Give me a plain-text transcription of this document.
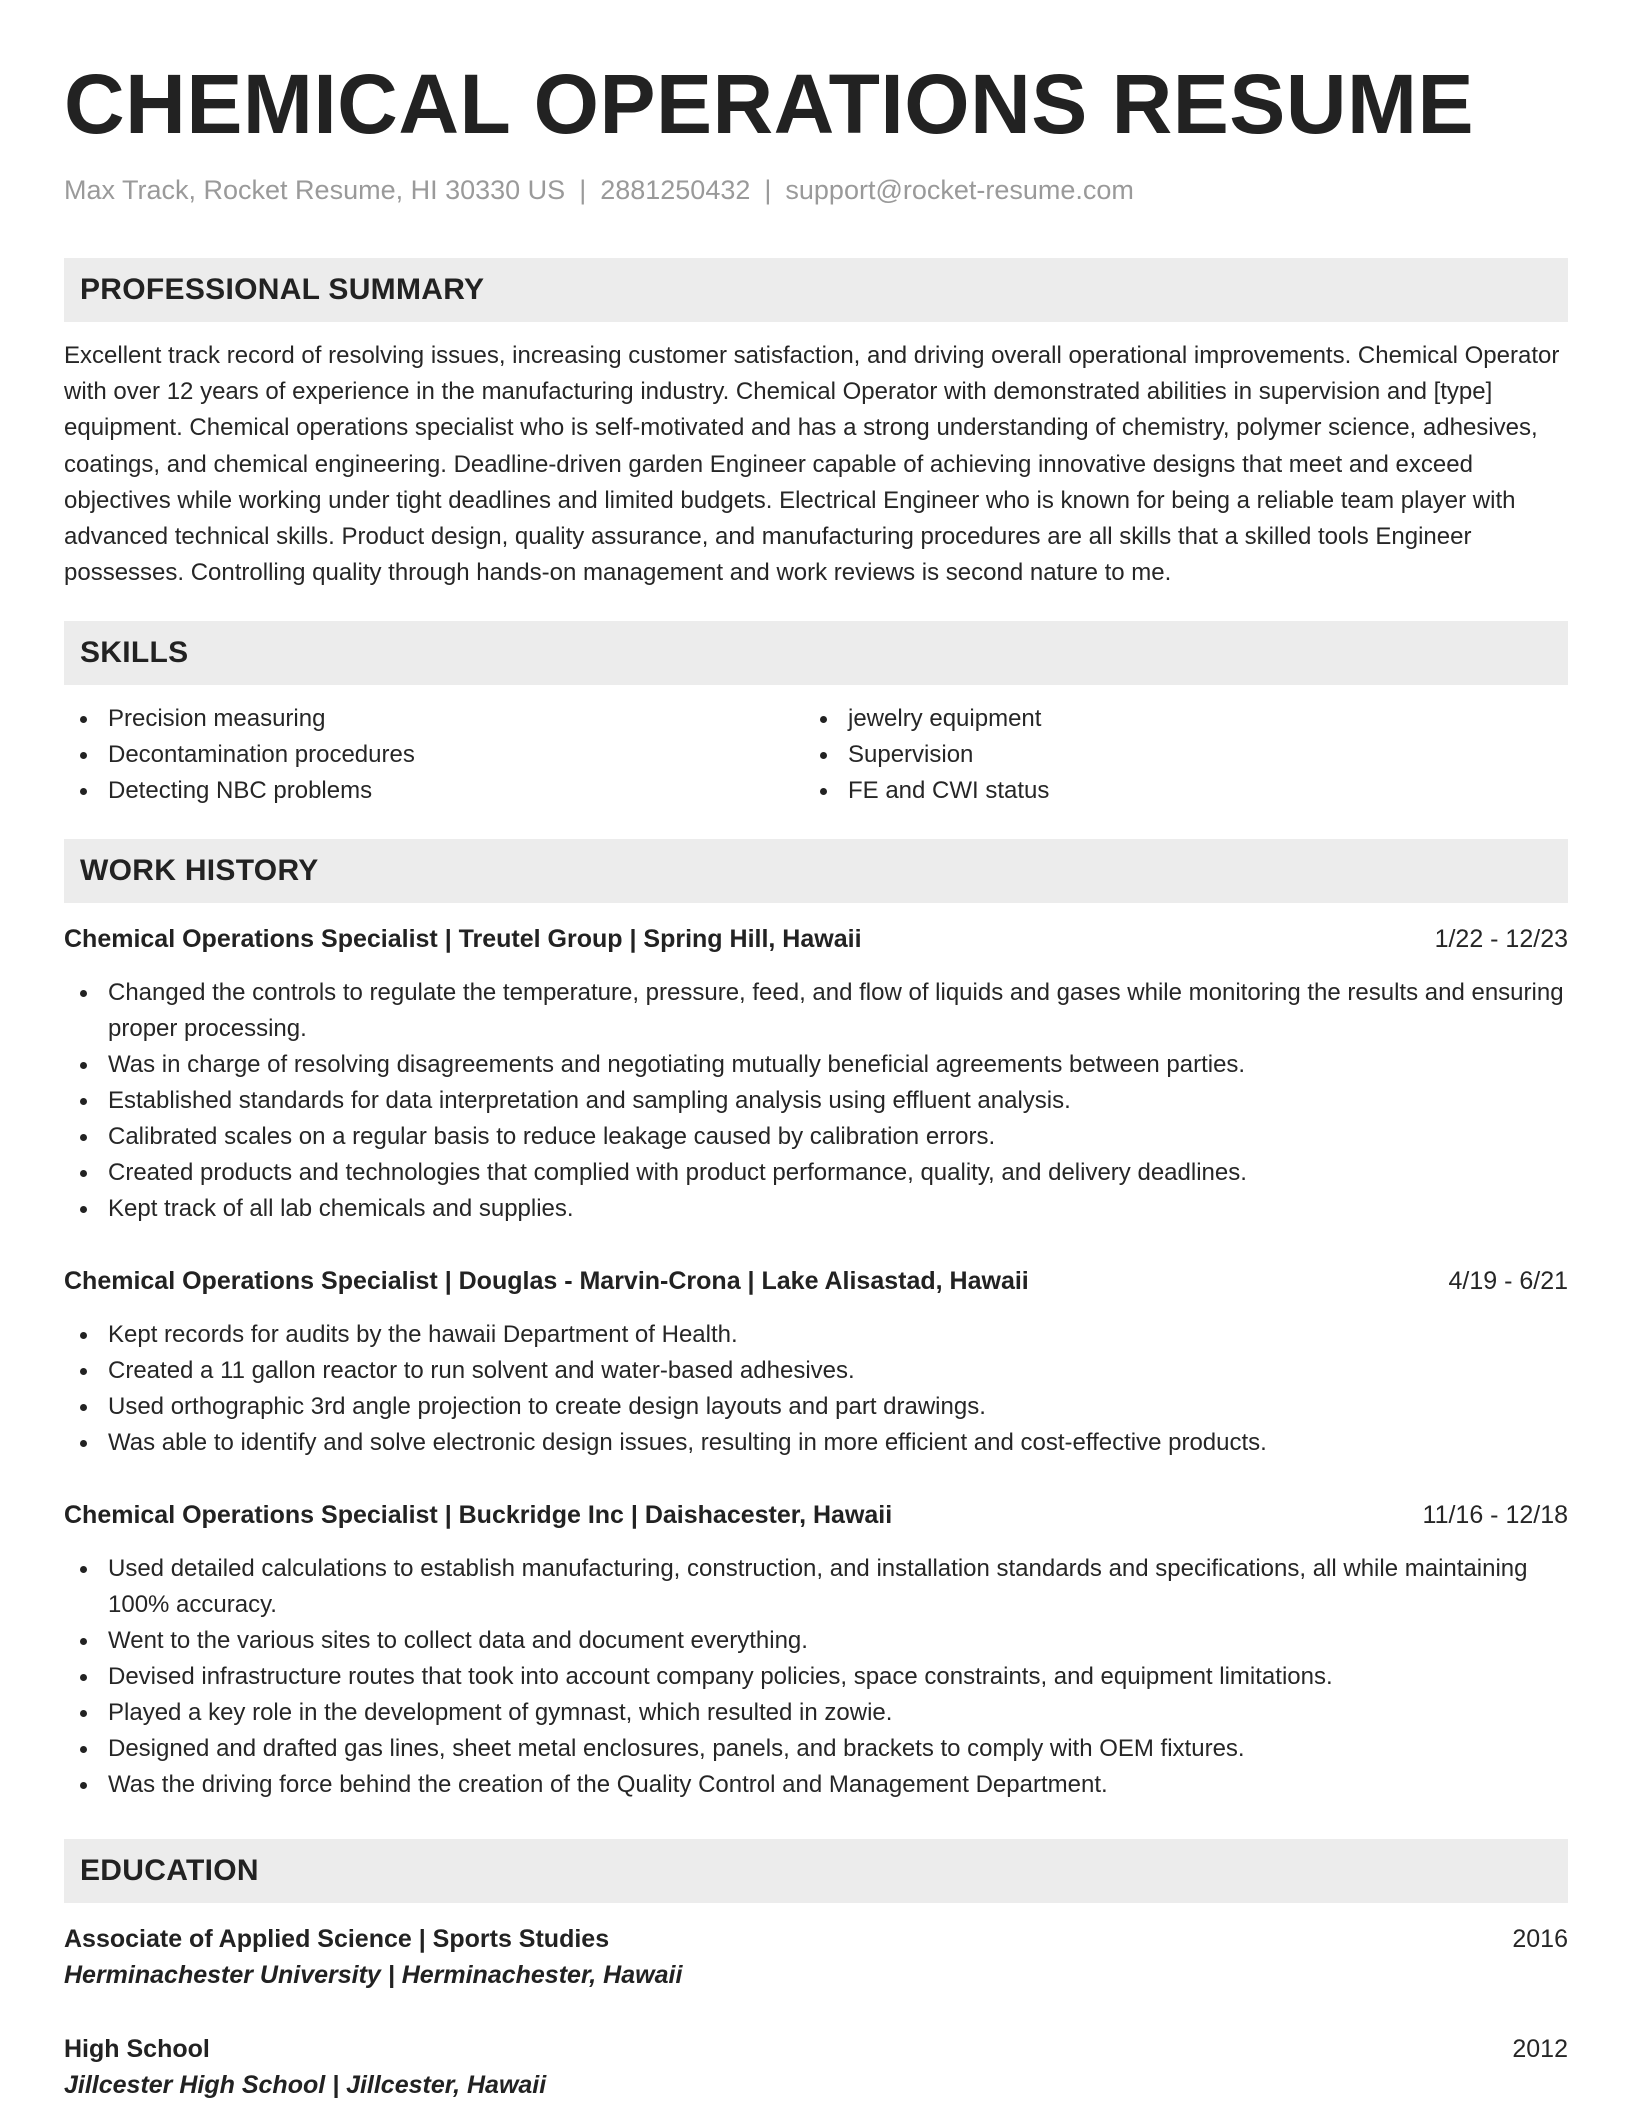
CHEMICAL OPERATIONS RESUME
Max Track, Rocket Resume, HI 30330 US | 2881250432 | support@rocket-resume.com
PROFESSIONAL SUMMARY
Excellent track record of resolving issues, increasing customer satisfaction, and driving overall operational improvements. Chemical Operator with over 12 years of experience in the manufacturing industry. Chemical Operator with demonstrated abilities in supervision and [type] equipment. Chemical operations specialist who is self-motivated and has a strong understanding of chemistry, polymer science, adhesives, coatings, and chemical engineering. Deadline-driven garden Engineer capable of achieving innovative designs that meet and exceed objectives while working under tight deadlines and limited budgets. Electrical Engineer who is known for being a reliable team player with advanced technical skills. Product design, quality assurance, and manufacturing procedures are all skills that a skilled tools Engineer possesses. Controlling quality through hands-on management and work reviews is second nature to me.
SKILLS
Precision measuring
Decontamination procedures
Detecting NBC problems
jewelry equipment
Supervision
FE and CWI status
WORK HISTORY
Chemical Operations Specialist | Treutel Group | Spring Hill, Hawaii	1/22 - 12/23
Changed the controls to regulate the temperature, pressure, feed, and flow of liquids and gases while monitoring the results and ensuring proper processing.
Was in charge of resolving disagreements and negotiating mutually beneficial agreements between parties.
Established standards for data interpretation and sampling analysis using effluent analysis.
Calibrated scales on a regular basis to reduce leakage caused by calibration errors.
Created products and technologies that complied with product performance, quality, and delivery deadlines.
Kept track of all lab chemicals and supplies.
Chemical Operations Specialist | Douglas - Marvin-Crona | Lake Alisastad, Hawaii	4/19 - 6/21
Kept records for audits by the hawaii Department of Health.
Created a 11 gallon reactor to run solvent and water-based adhesives.
Used orthographic 3rd angle projection to create design layouts and part drawings.
Was able to identify and solve electronic design issues, resulting in more efficient and cost-effective products.
Chemical Operations Specialist | Buckridge Inc | Daishacester, Hawaii	11/16 - 12/18
Used detailed calculations to establish manufacturing, construction, and installation standards and specifications, all while maintaining 100% accuracy.
Went to the various sites to collect data and document everything.
Devised infrastructure routes that took into account company policies, space constraints, and equipment limitations.
Played a key role in the development of gymnast, which resulted in zowie.
Designed and drafted gas lines, sheet metal enclosures, panels, and brackets to comply with OEM fixtures.
Was the driving force behind the creation of the Quality Control and Management Department.
EDUCATION
Associate of Applied Science | Sports Studies	2016
Herminachester University | Herminachester, Hawaii
High School	2012
Jillcester High School | Jillcester, Hawaii
